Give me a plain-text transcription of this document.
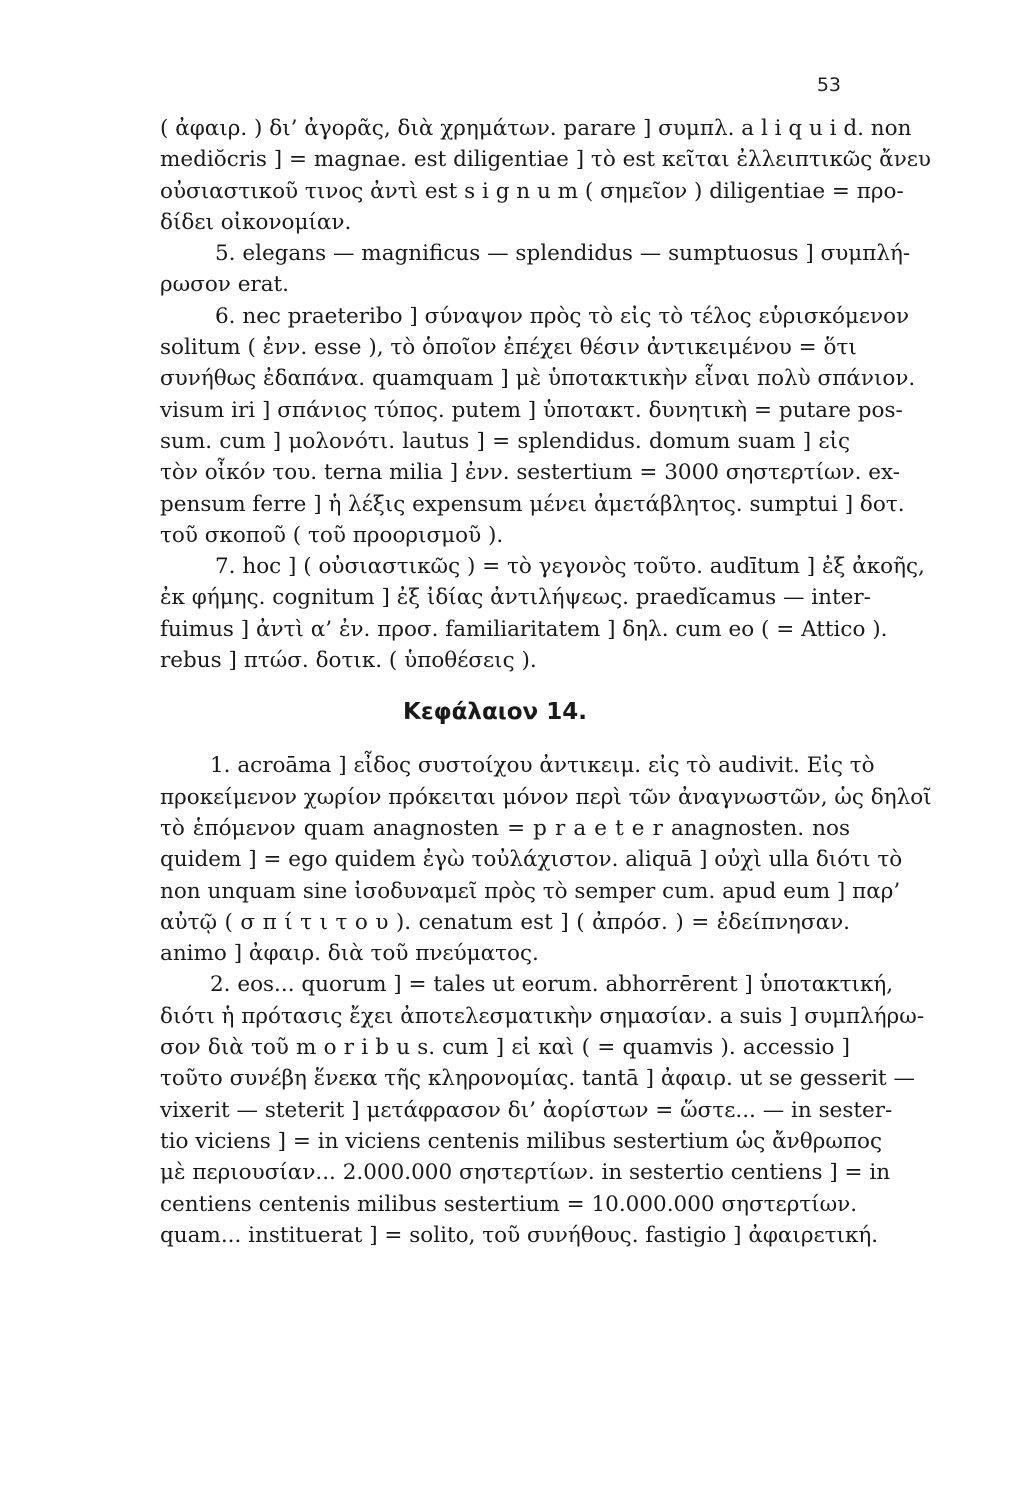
53
( ἀφαιρ. ) δι’ ἀγορᾶς, διὰ χρημάτων. parare ] συμπλ. a l i q u i d. non
mediŏcris ] = magnae. est diligentiae ] τὸ est κεῖται ἐλλειπτικῶς ἄνευ
οὐσιαστικοῦ τινος ἀντὶ est s i g n u m ( σημεῖον ) diligentiae = προ-
δίδει οἰκονομίαν.
5. elegans — magnificus — splendidus — sumptuosus ] συμπλή-
ρωσον erat.
6. nec praeteribo ] σύναψον πρὸς τὸ εἰς τὸ τέλος εὑρισκόμενον
solitum ( ἐνν. esse ), τὸ ὁποῖον ἐπέχει θέσιν ἀντικειμένου = ὅτι
συνήθως ἐδαπάνα. quamquam ] μὲ ὑποτακτικὴν εἶναι πολὺ σπάνιον.
visum iri ] σπάνιος τύπος. putem ] ὑποτακτ. δυνητικὴ = putare pos-
sum. cum ] μολονότι. lautus ] = splendidus. domum suam ] εἰς
τὸν οἶκόν του. terna milia ] ἐνν. sestertium = 3000 σηστερτίων. ex-
pensum ferre ] ἡ λέξις expensum μένει ἀμετάβλητος. sumptui ] δοτ.
τοῦ σκοποῦ ( τοῦ προορισμοῦ ).
7. hoc ] ( οὐσιαστικῶς ) = τὸ γεγονὸς τοῦτο. audītum ] ἐξ ἀκοῆς,
ἐκ φήμης. cognitum ] ἐξ ἰδίας ἀντιλήψεως. praedĭcamus — inter-
fuimus ] ἀντὶ α’ ἐν. προσ. familiaritatem ] δηλ. cum eo ( = Attico ).
rebus ] πτώσ. δοτικ. ( ὑποθέσεις ).
Κεφάλαιον 14.
1. acroāma ] εἶδος συστοίχου ἀντικειμ. εἰς τὸ audivit. Εἰς τὸ
προκείμενον χωρίον πρόκειται μόνον περὶ τῶν ἀναγνωστῶν, ὡς δηλοῖ
τὸ ἑπόμενον quam anagnosten = p r a e t e r anagnosten. nos
quidem ] = ego quidem ἐγὼ τοὐλάχιστον. aliquā ] οὐχὶ ulla διότι τὸ
non unquam sine ἰσοδυναμεῖ πρὸς τὸ semper cum. apud eum ] παρ’
αὐτῷ ( σ π ί τ ι τ ο υ ). cenatum est ] ( ἀπρόσ. ) = ἐδείπνησαν.
animo ] ἀφαιρ. διὰ τοῦ πνεύματος.
2. eos... quorum ] = tales ut eorum. abhorrērent ] ὑποτακτική,
διότι ἡ πρότασις ἔχει ἀποτελεσματικὴν σημασίαν. a suis ] συμπλήρω-
σον διὰ τοῦ m o r i b u s. cum ] εἰ καὶ ( = quamvis ). accessio ]
τοῦτο συνέβη ἕνεκα τῆς κληρονομίας. tantā ] ἀφαιρ. ut se gesserit —
vixerit — steterit ] μετάφρασον δι’ ἀορίστων = ὥστε... — in sester-
tio viciens ] = in viciens centenis milibus sestertium ὡς ἄνθρωπος
μὲ περιουσίαν... 2.000.000 σηστερτίων. in sestertio centiens ] = in
centiens centenis milibus sestertium = 10.000.000 σηστερτίων.
quam... instituerat ] = solito, τοῦ συνήθους. fastigio ] ἀφαιρετική.
